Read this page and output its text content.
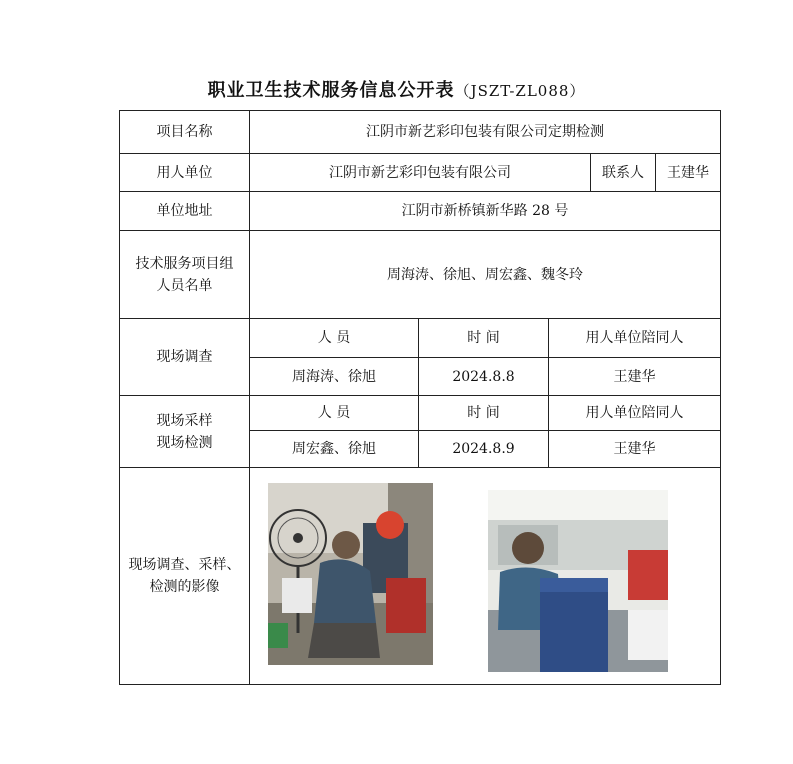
职业卫生技术服务信息公开表（JSZT-ZL088）
项目名称	江阴市新艺彩印包装有限公司定期检测
用人单位	江阴市新艺彩印包装有限公司		联系人	王建华

单位地址	江阴市新桥镇新华路 28 号

技术服务项目组
人员名单
	周海涛、徐旭、周宏鑫、魏冬玲
现场调查	人 员	时 间	用人单位陪同人
周海涛、徐旭	2024.8.8	王建华

现场采样
现场检测
	人 员	时 间	用人单位陪同人
周宏鑫、徐旭	2024.8.9	王建华

现场调查、采样、
检测的影像
